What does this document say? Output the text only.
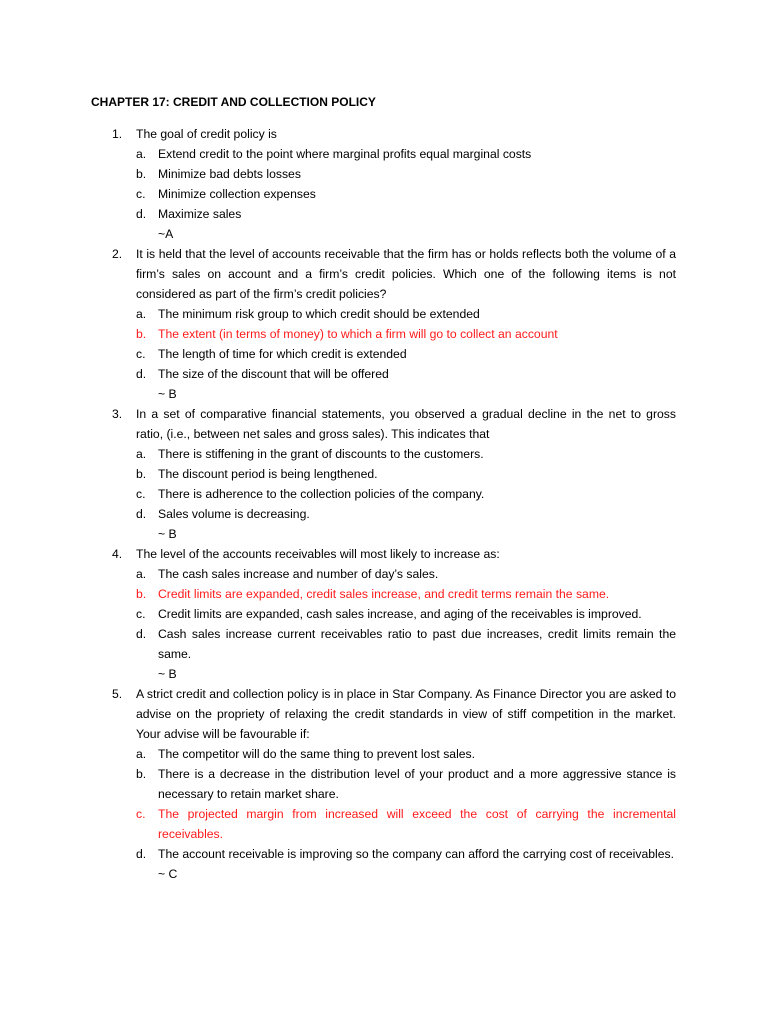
CHAPTER 17: CREDIT AND COLLECTION POLICY
1. The goal of credit policy is
a. Extend credit to the point where marginal profits equal marginal costs
b. Minimize bad debts losses
c. Minimize collection expenses
d. Maximize sales
~A
2. It is held that the level of accounts receivable that the firm has or holds reflects both the volume of a firm’s sales on account and a firm’s credit policies. Which one of the following items is not considered as part of the firm’s credit policies?
a. The minimum risk group to which credit should be extended
b. The extent (in terms of money) to which a firm will go to collect an account
c. The length of time for which credit is extended
d. The size of the discount that will be offered
~ B
3. In a set of comparative financial statements, you observed a gradual decline in the net to gross ratio, (i.e., between net sales and gross sales). This indicates that
a. There is stiffening in the grant of discounts to the customers.
b. The discount period is being lengthened.
c. There is adherence to the collection policies of the company.
d. Sales volume is decreasing.
~ B
4. The level of the accounts receivables will most likely to increase as:
a. The cash sales increase and number of day’s sales.
b. Credit limits are expanded, credit sales increase, and credit terms remain the same.
c. Credit limits are expanded, cash sales increase, and aging of the receivables is improved.
d. Cash sales increase current receivables ratio to past due increases, credit limits remain the same.
~ B
5. A strict credit and collection policy is in place in Star Company. As Finance Director you are asked to advise on the propriety of relaxing the credit standards in view of stiff competition in the market. Your advise will be favourable if:
a. The competitor will do the same thing to prevent lost sales.
b. There is a decrease in the distribution level of your product and a more aggressive stance is necessary to retain market share.
c. The projected margin from increased will exceed the cost of carrying the incremental receivables.
d. The account receivable is improving so the company can afford the carrying cost of receivables.
~ C
